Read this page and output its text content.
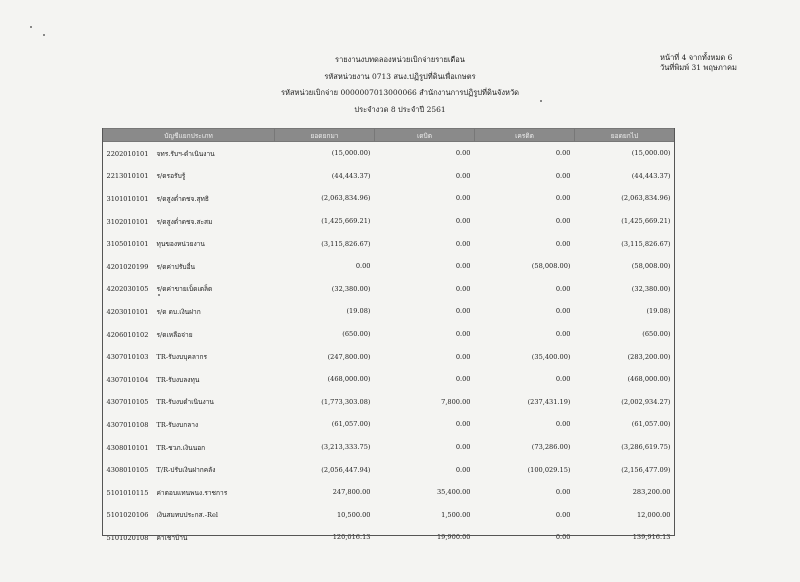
รายงานงบทดลองหน่วยเบิกจ่ายรายเดือน
รหัสหน่วยงาน 0713 สนง.ปฏิรูปที่ดินเพื่อเกษตร
รหัสหน่วยเบิกจ่าย 0000007013000066 สำนักงานการปฏิรูปที่ดินจังหวัด
ประจำงวด 8 ประจำปี 2561
หน้าที่ 4 จากทั้งหมด 6
วันที่พิมพ์ 31 พฤษภาคม
บัญชีแยกประเภท	ยอดยกมา	เดบิต	เครดิต	ยอดยกไป
2202010101 จทร.รับฯ-ดำเนินงาน	(15,000.00)	0.00	0.00	(15,000.00)
2213010101 ร/ดรอรับรู้	(44,443.37)	0.00	0.00	(44,443.37)
3101010101 ร/ดสูงต่ำดชจ.สุทธิ	(2,063,834.96)	0.00	0.00	(2,063,834.96)
3102010101 ร/ดสูงต่ำดชจ.สะสม	(1,425,669.21)	0.00	0.00	(1,425,669.21)
3105010101 ทุนของหน่วยงาน	(3,115,826.67)	0.00	0.00	(3,115,826.67)
4201020199 ร/ดค่าปรับอื่น	0.00	0.00	(58,008.00)	(58,008.00)
4202030105 ร/ดค่าขายเบ็ดเตล็ด	(32,380.00)	0.00	0.00	(32,380.00)
4203010101 ร/ด ดบ.เงินฝาก	(19.08)	0.00	0.00	(19.08)
4206010102 ร/ดเหลือจ่าย	(650.00)	0.00	0.00	(650.00)
4307010103 TR-รับงบบุคลากร	(247,800.00)	0.00	(35,400.00)	(283,200.00)
4307010104 TR-รับงบลงทุน	(468,000.00)	0.00	0.00	(468,000.00)
4307010105 TR-รับงบดำเนินงาน	(1,773,303.08)	7,800.00	(237,431.19)	(2,002,934.27)
4307010108 TR-รับงบกลาง	(61,057.00)	0.00	0.00	(61,057.00)
4308010101 TR-ชวภ.เงินนอก	(3,213,333.75)	0.00	(73,286.00)	(3,286,619.75)
4308010105 T/R-ปรับเงินฝากคลัง	(2,056,447.94)	0.00	(100,029.15)	(2,156,477.09)
5101010115 ค่าตอบแทนพนง.ราชการ	247,800.00	35,400.00	0.00	283,200.00
5101020106 เงินสมทบประกส.-Rel	10,500.00	1,500.00	0.00	12,000.00
5101020108 ค่าเช่าบ้าน	120,016.13	19,900.00	0.00	139,916.13
